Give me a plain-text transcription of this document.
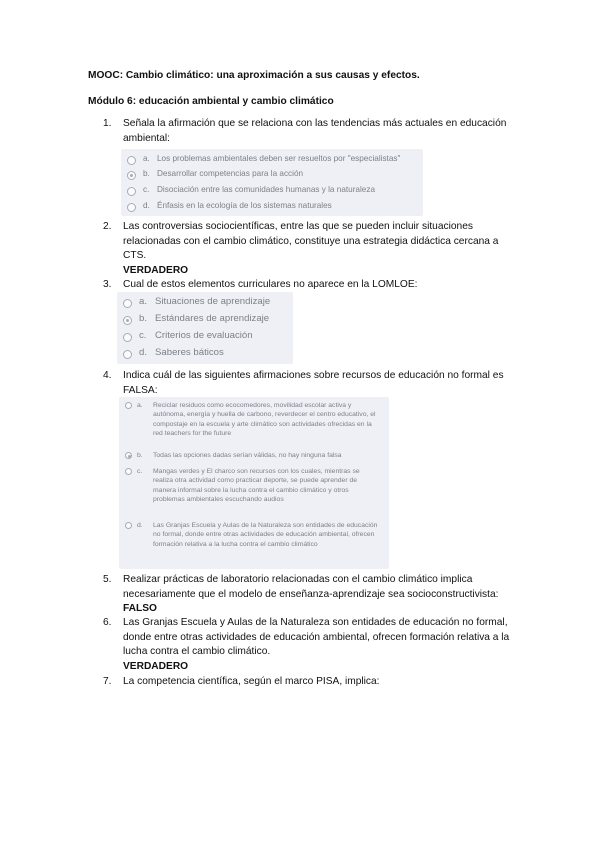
MOOC: Cambio climático: una aproximación a sus causas y efectos.
Módulo 6: educación ambiental y cambio climático
1. Señala la afirmación que se relaciona con las tendencias más actuales en educación ambiental:
a. Los problemas ambientales deben ser resueltos por "especialistas"
b. Desarrollar competencias para la acción
c. Disociación entre las comunidades humanas y la naturaleza
d. Énfasis en la ecología de los sistemas naturales
2. Las controversias sociocientíficas, entre las que se pueden incluir situaciones relacionadas con el cambio climático, constituye una estrategia didáctica cercana a CTS.
VERDADERO
3. Cual de estos elementos curriculares no aparece en la LOMLOE:
a. Situaciones de aprendizaje
b. Estándares de aprendizaje
c. Criterios de evaluación
d. Saberes báticos
4. Indica cuál de las siguientes afirmaciones sobre recursos de educación no formal es FALSA:
a. Reciclar residuos como ecocomedores, movilidad escolar activa y autónoma, energía y huella de carbono, reverdecer el centro educativo, el compostaje en la escuela y arte climático son actividades ofrecidas en la red teachers for the future
b. Todas las opciones dadas serían válidas, no hay ninguna falsa
c. Mangas verdes y El charco son recursos con los cuales, mientras se realiza otra actividad como practicar deporte, se puede aprender de manera informal sobre la lucha contra el cambio climático y otros problemas ambientales escuchando audios
d. Las Granjas Escuela y Aulas de la Naturaleza son entidades de educación no formal, donde entre otras actividades de educación ambiental, ofrecen formación relativa a la lucha contra el cambio climático
5. Realizar prácticas de laboratorio relacionadas con el cambio climático implica necesariamente que el modelo de enseñanza-aprendizaje sea socioconstructivista:
FALSO
6. Las Granjas Escuela y Aulas de la Naturaleza son entidades de educación no formal, donde entre otras actividades de educación ambiental, ofrecen formación relativa a la lucha contra el cambio climático.
VERDADERO
7. La competencia científica, según el marco PISA, implica:
